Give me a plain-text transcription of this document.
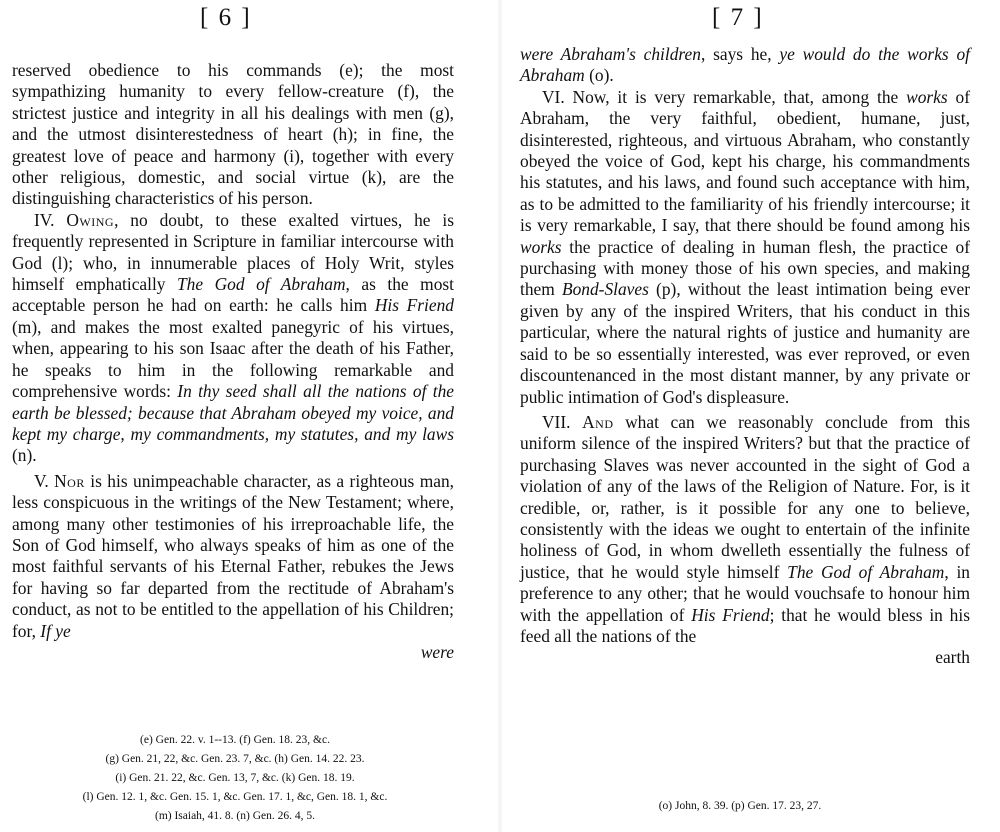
[ 6 ]

reserved obedience to his commands (e); the most sympathizing humanity to every fellow-creature (f), the strictest justice and integrity in all his dealings with men (g), and the utmost disinterestedness of heart (h); in fine, the greatest love of peace and harmony (i), together with every other religious, domestic, and social virtue (k), are the distinguishing characteristics of his person.

IV. Owing, no doubt, to these exalted virtues, he is frequently represented in Scripture in familiar intercourse with God (l); who, in innumerable places of Holy Writ, styles himself emphatically The God of Abraham, as the most acceptable person he had on earth: he calls him His Friend (m), and makes the most exalted panegyric of his virtues, when, appearing to his son Isaac after the death of his Father, he speaks to him in the following remarkable and comprehensive words: In thy seed shall all the nations of the earth be blessed; because that Abraham obeyed my voice, and kept my charge, my commandments, my statutes, and my laws (n).

V. Nor is his unimpeachable character, as a righteous man, less conspicuous in the writings of the New Testament; where, among many other testimonies of his irreproachable life, the Son of God himself, who always speaks of him as one of the most faithful servants of his Eternal Father, rebukes the Jews for having so far departed from the rectitude of Abraham's conduct, as not to be entitled to the appellation of his Children; for, If ye

were

(e) Gen. 22. v. 1--13. (f) Gen. 18. 23, &c.
(g) Gen. 21, 22, &c. Gen. 23. 7, &c. (h) Gen. 14. 22. 23.
(i) Gen. 21. 22, &c. Gen. 13, 7, &c. (k) Gen. 18. 19.
(l) Gen. 12. 1, &c. Gen. 15. 1, &c. Gen. 17. 1, &c, Gen. 18. 1, &c.
(m) Isaiah, 41. 8. (n) Gen. 26. 4, 5.
[ 7 ]

were Abraham's children, says he, ye would do the works of Abraham (o).

VI. Now, it is very remarkable, that, among the works of Abraham, the very faithful, obedient, humane, just, disinterested, righteous, and virtuous Abraham, who constantly obeyed the voice of God, kept his charge, his commandments his statutes, and his laws, and found such acceptance with him, as to be admitted to the familiarity of his friendly intercourse; it is very remarkable, I say, that there should be found among his works the practice of dealing in human flesh, the practice of purchasing with money those of his own species, and making them Bond-Slaves (p), without the least intimation being ever given by any of the inspired Writers, that his conduct in this particular, where the natural rights of justice and humanity are said to be so essentially interested, was ever reproved, or even discountenanced in the most distant manner, by any private or public intimation of God's displeasure.

VII. And what can we reasonably conclude from this uniform silence of the inspired Writers? but that the practice of purchasing Slaves was never accounted in the sight of God a violation of any of the laws of the Religion of Nature. For, is it credible, or, rather, is it possible for any one to believe, consistently with the ideas we ought to entertain of the infinite holiness of God, in whom dwelleth essentially the fulness of justice, that he would style himself The God of Abraham, in preference to any other; that he would vouchsafe to honour him with the appellation of His Friend; that he would bless in his feed all the nations of the

earth

(o) John, 8. 39. (p) Gen. 17. 23, 27.
